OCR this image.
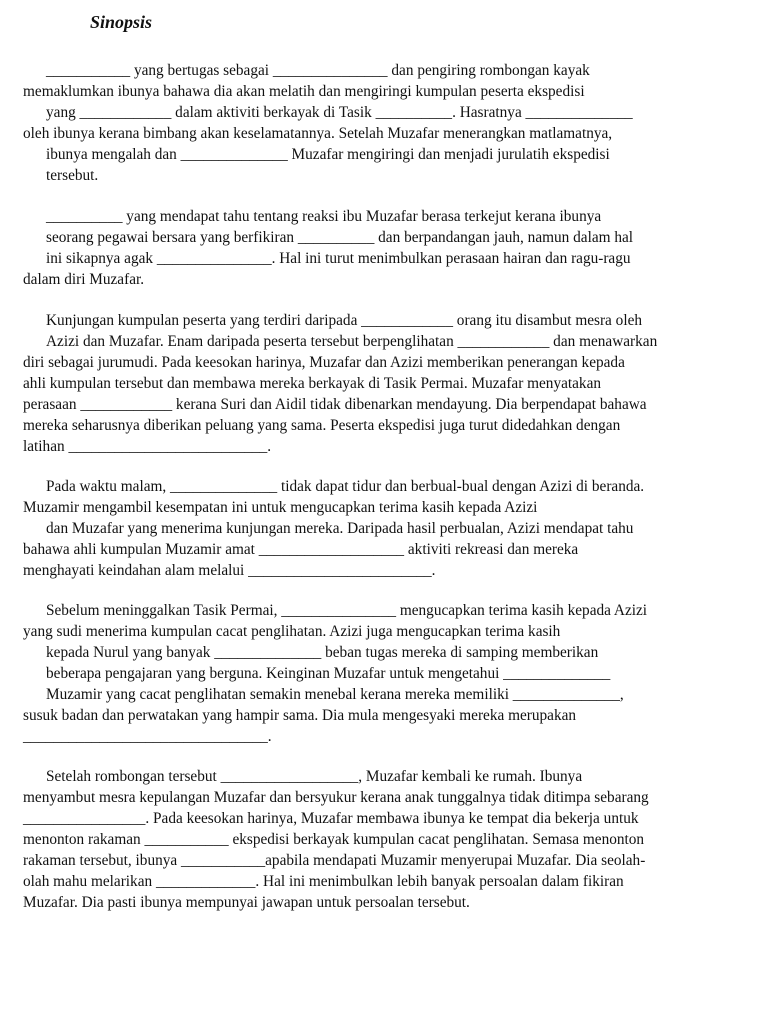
Sinopsis
___________ yang bertugas sebagai _______________ dan pengiring rombongan kayak
memaklumkan ibunya bahawa dia akan melatih dan mengiringi kumpulan peserta ekspedisi
yang ____________ dalam aktiviti berkayak di Tasik __________. Hasratnya ______________
oleh ibunya kerana bimbang akan keselamatannya. Setelah Muzafar menerangkan matlamatnya,
ibunya mengalah dan ______________ Muzafar mengiringi dan menjadi jurulatih ekspedisi
tersebut.
__________ yang mendapat tahu tentang reaksi ibu Muzafar berasa terkejut kerana ibunya
seorang pegawai bersara yang berfikiran __________ dan berpandangan jauh, namun dalam hal
ini sikapnya agak _______________. Hal ini turut menimbulkan perasaan hairan dan ragu-ragu
dalam diri Muzafar.
Kunjungan kumpulan peserta yang terdiri daripada ____________ orang itu disambut mesra oleh
Azizi dan Muzafar. Enam daripada peserta tersebut berpenglihatan ____________ dan menawarkan
diri sebagai jurumudi. Pada keesokan harinya, Muzafar dan Azizi memberikan penerangan kepada
ahli kumpulan tersebut dan membawa mereka berkayak di Tasik Permai. Muzafar menyatakan
perasaan ____________ kerana Suri dan Aidil tidak dibenarkan mendayung. Dia berpendapat bahawa
mereka seharusnya diberikan peluang yang sama. Peserta ekspedisi juga turut didedahkan dengan
latihan __________________________.
Pada waktu malam, ______________ tidak dapat tidur dan berbual-bual dengan Azizi di beranda.
Muzamir mengambil kesempatan ini untuk mengucapkan terima kasih kepada Azizi
dan Muzafar yang menerima kunjungan mereka. Daripada hasil perbualan, Azizi mendapat tahu
bahawa ahli kumpulan Muzamir amat ___________________ aktiviti rekreasi dan mereka
menghayati keindahan alam melalui ________________________.
Sebelum meninggalkan Tasik Permai, _______________ mengucapkan terima kasih kepada Azizi
yang sudi menerima kumpulan cacat penglihatan. Azizi juga mengucapkan terima kasih
kepada Nurul yang banyak ______________ beban tugas mereka di samping memberikan
beberapa pengajaran yang berguna. Keinginan Muzafar untuk mengetahui ______________
Muzamir yang cacat penglihatan semakin menebal kerana mereka memiliki ______________,
susuk badan dan perwatakan yang hampir sama. Dia mula mengesyaki mereka merupakan
________________________________.
Setelah rombongan tersebut __________________, Muzafar kembali ke rumah. Ibunya
menyambut mesra kepulangan Muzafar dan bersyukur kerana anak tunggalnya tidak ditimpa sebarang
________________. Pada keesokan harinya, Muzafar membawa ibunya ke tempat dia bekerja untuk
menonton rakaman ___________ ekspedisi berkayak kumpulan cacat penglihatan. Semasa menonton
rakaman tersebut, ibunya ___________apabila mendapati Muzamir menyerupai Muzafar. Dia seolah-
olah mahu melarikan _____________. Hal ini menimbulkan lebih banyak persoalan dalam fikiran
Muzafar. Dia pasti ibunya mempunyai jawapan untuk persoalan tersebut.
